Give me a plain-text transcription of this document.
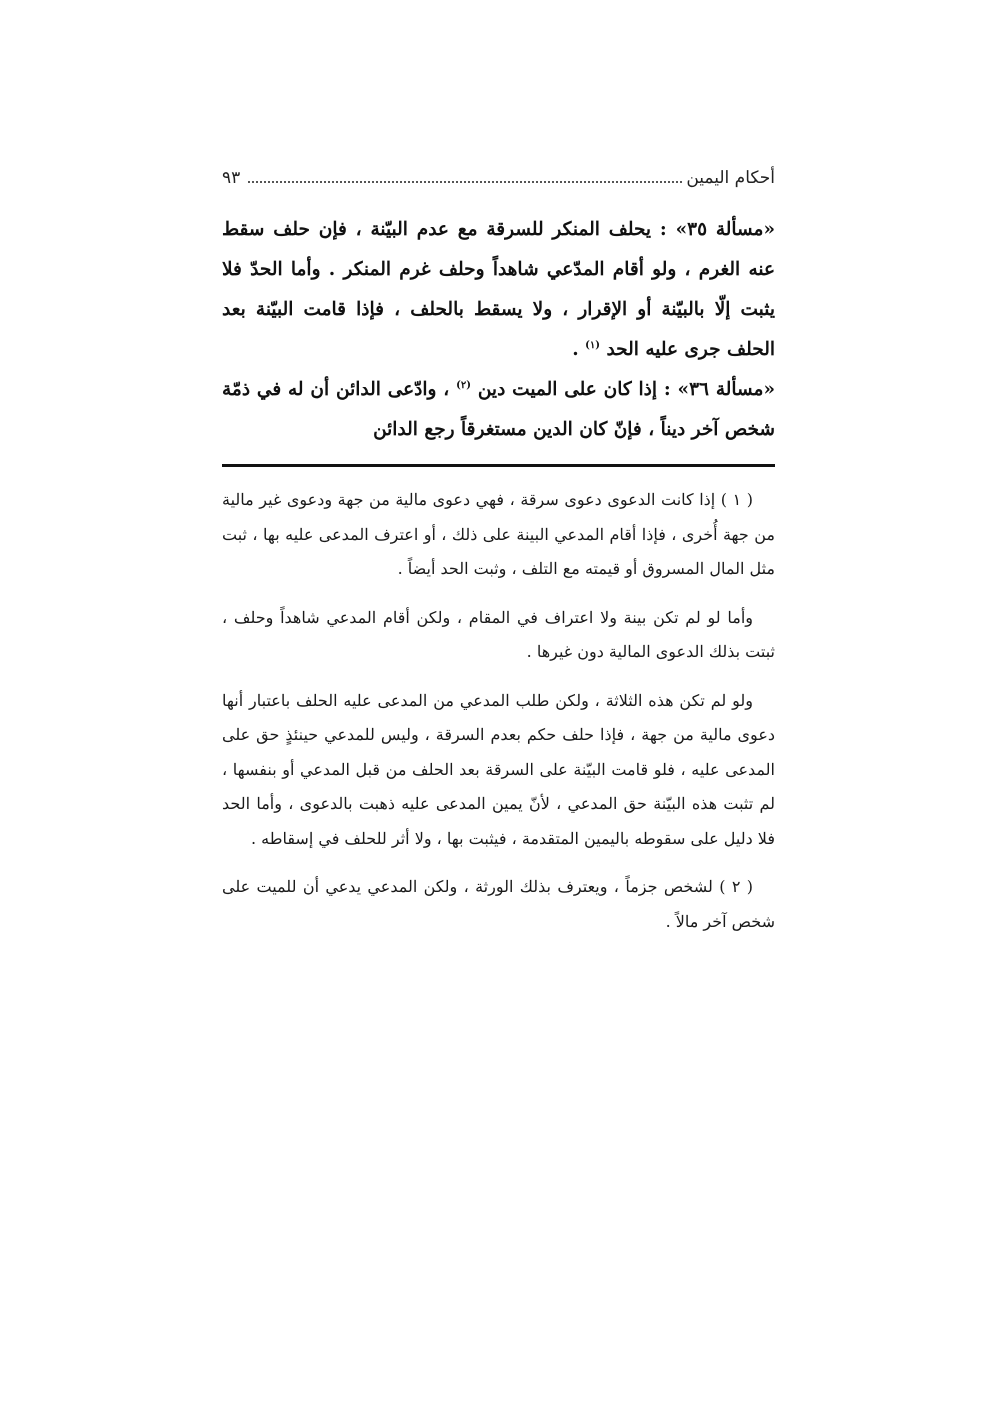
أحكام اليمين
٩٣

«مسألة ٣٥» : يحلف المنكر للسرقة مع عدم البيّنة ، فإن حلف سقط عنه الغرم ، ولو أقام المدّعي شاهداً وحلف غرم المنكر . وأما الحدّ فلا يثبت إلّا بالبيّنة أو الإقرار ، ولا يسقط بالحلف ، فإذا قامت البيّنة بعد الحلف جرى عليه الحد $^{(١)}$ .

«مسألة ٣٦» : إذا كان على الميت دين $^{(٢)}$ ، وادّعى الدائن أن له في ذمّة شخص آخر ديناً ، فإنّ كان الدين مستغرقاً رجع الدائن

( ١ ) إذا كانت الدعوى دعوى سرقة ، فهي دعوى مالية من جهة ودعوى غير مالية من جهة أُخرى ، فإذا أقام المدعي البينة على ذلك ، أو اعترف المدعى عليه بها ، ثبت مثل المال المسروق أو قيمته مع التلف ، وثبت الحد أيضاً .

وأما لو لم تكن بينة ولا اعتراف في المقام ، ولكن أقام المدعي شاهداً وحلف ، ثبتت بذلك الدعوى المالية دون غيرها .

ولو لم تكن هذه الثلاثة ، ولكن طلب المدعي من المدعى عليه الحلف باعتبار أنها دعوى مالية من جهة ، فإذا حلف حكم بعدم السرقة ، وليس للمدعي حينئذٍ حق على المدعى عليه ، فلو قامت البيّنة على السرقة بعد الحلف من قبل المدعي أو بنفسها ، لم تثبت هذه البيّنة حق المدعي ، لأنّ يمين المدعى عليه ذهبت بالدعوى ، وأما الحد فلا دليل على سقوطه باليمين المتقدمة ، فيثبت بها ، ولا أثر للحلف في إسقاطه .

( ٢ ) لشخص جزماً ، ويعترف بذلك الورثة ، ولكن المدعي يدعي أن للميت على شخص آخر مالاً .
